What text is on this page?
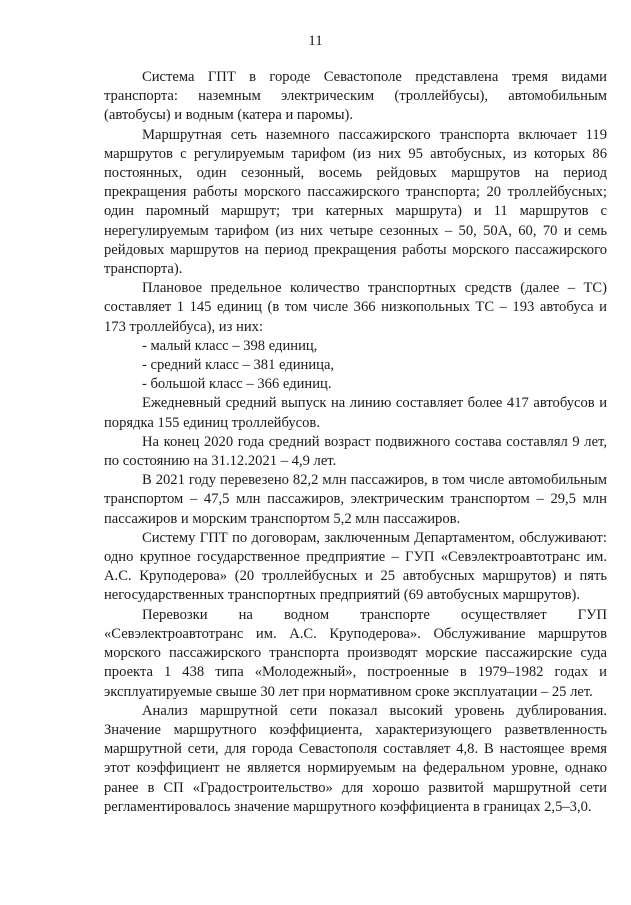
11

Система ГПТ в городе Севастополе представлена тремя видами транспорта: наземным электрическим (троллейбусы), автомобильным (автобусы) и водным (катера и паромы).

Маршрутная сеть наземного пассажирского транспорта включает 119 маршрутов с регулируемым тарифом (из них 95 автобусных, из которых 86 постоянных, один сезонный, восемь рейдовых маршрутов на период прекращения работы морского пассажирского транспорта; 20 троллейбусных; один паромный маршрут; три катерных маршрута) и 11 маршрутов с нерегулируемым тарифом (из них четыре сезонных – 50, 50А, 60, 70 и семь рейдовых маршрутов на период прекращения работы морского пассажирского транспорта).

Плановое предельное количество транспортных средств (далее – ТС) составляет 1 145 единиц (в том числе 366 низкопольных ТС – 193 автобуса и 173 троллейбуса), из них:

- малый класс – 398 единиц,

- средний класс – 381 единица,

- большой класс – 366 единиц.

Ежедневный средний выпуск на линию составляет более 417 автобусов и порядка 155 единиц троллейбусов.

На конец 2020 года средний возраст подвижного состава составлял 9 лет, по состоянию на 31.12.2021 – 4,9 лет.

В 2021 году перевезено 82,2 млн пассажиров, в том числе автомобильным транспортом – 47,5 млн пассажиров, электрическим транспортом – 29,5 млн пассажиров и морским транспортом 5,2 млн пассажиров.

Систему ГПТ по договорам, заключенным Департаментом, обслуживают: одно крупное государственное предприятие – ГУП «Севэлектроавтотранс им. А.С. Круподерова» (20 троллейбусных и 25 автобусных маршрутов) и пять негосударственных транспортных предприятий (69 автобусных маршрутов).

Перевозки на водном транспорте осуществляет ГУП «Севэлектроавтотранс им. А.С. Круподерова». Обслуживание маршрутов морского пассажирского транспорта производят морские пассажирские суда проекта 1 438 типа «Молодежный», построенные в 1979–1982 годах и эксплуатируемые свыше 30 лет при нормативном сроке эксплуатации – 25 лет.

Анализ маршрутной сети показал высокий уровень дублирования. Значение маршрутного коэффициента, характеризующего разветвленность маршрутной сети, для города Севастополя составляет 4,8. В настоящее время этот коэффициент не является нормируемым на федеральном уровне, однако ранее в СП «Градостроительство» для хорошо развитой маршрутной сети регламентировалось значение маршрутного коэффициента в границах 2,5–3,0.
